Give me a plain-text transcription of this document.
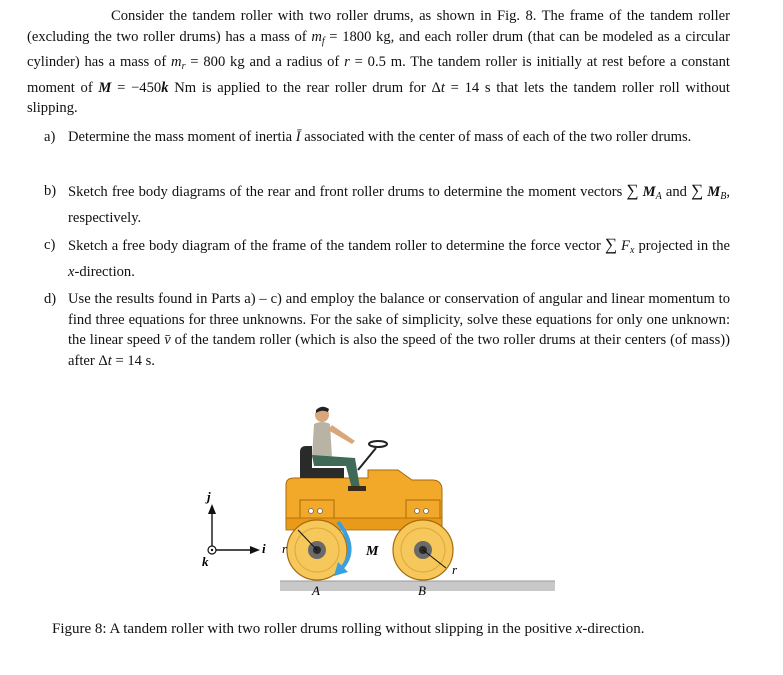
Consider the tandem roller with two roller drums, as shown in Fig. 8. The frame of the tandem roller (excluding the two roller drums) has a mass of $m_f = 1800$ kg, and each roller drum (that can be modeled as a circular cylinder) has a mass of $m_r = 800$ kg and a radius of r = 0.5 m. The tandem roller is initially at rest before a constant moment of M = −450k Nm is applied to the rear roller drum for Δt = 14 s that lets the tandem roller roll without slipping.
a) Determine the mass moment of inertia Ī associated with the center of mass of each of the two roller drums.
b) Sketch free body diagrams of the rear and front roller drums to determine the moment vectors ∑ $M_A$ and ∑ $M_B$, respectively.
c) Sketch a free body diagram of the frame of the tandem roller to determine the force vector ∑ $F_x$ projected in the x-direction.
d) Use the results found in Parts a) – c) and employ the balance or conservation of angular and linear momentum to find three equations for three unknowns. For the sake of simplicity, solve these equations for only one unknown: the linear speed v̄ of the tandem roller (which is also the speed of the two roller drums at their centers (of mass)) after Δt = 14 s.
j
i
k
r
r
M
A	B
Figure 8: A tandem roller with two roller drums rolling without slipping in the positive x-direction.
